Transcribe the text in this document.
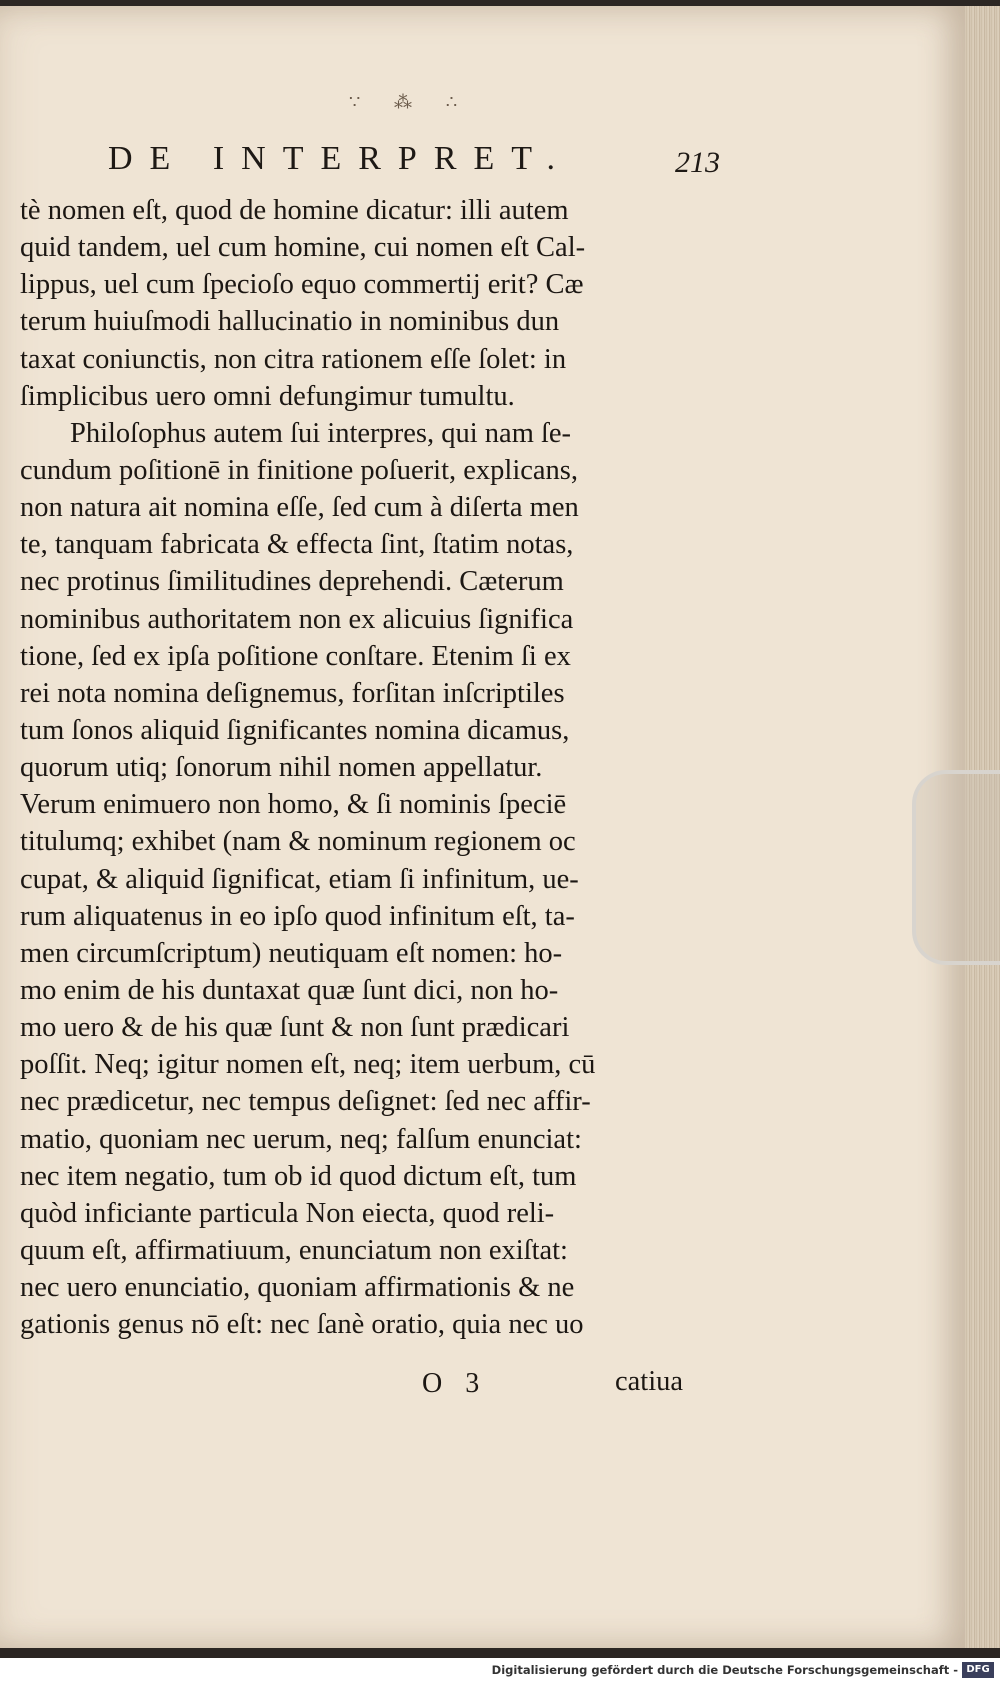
∵ ⁂ ∴
DE INTERPRET.	213
tè nomen eſt, quod de homine dicatur: illi autem
quid tandem, uel cum homine, cui nomen eſt Cal-
lippus, uel cum ſpecioſo equo commertij erit? Cæ
terum huiuſmodi hallucinatio in nominibus dun
taxat coniunctis, non citra rationem eſſe ſolet: in
ſimplicibus uero omni defungimur tumultu.
Philoſophus autem ſui interpres, qui nam ſe-
cundum poſitionē in finitione poſuerit, explicans,
non natura ait nomina eſſe, ſed cum à diſerta men
te, tanquam fabricata & effecta ſint, ſtatim notas,
nec protinus ſimilitudines deprehendi. Cæterum
nominibus authoritatem non ex alicuius ſignifica
tione, ſed ex ipſa poſitione conſtare. Etenim ſi ex
rei nota nomina deſignemus, forſitan inſcriptiles
tum ſonos aliquid ſignificantes nomina dicamus,
quorum utiq; ſonorum nihil nomen appellatur.
Verum enimuero non homo, & ſi nominis ſpeciē
titulumq; exhibet (nam & nominum regionem oc
cupat, & aliquid ſignificat, etiam ſi infinitum, ue-
rum aliquatenus in eo ipſo quod infinitum eſt, ta-
men circumſcriptum) neutiquam eſt nomen: ho-
mo enim de his duntaxat quæ ſunt dici, non ho-
mo uero & de his quæ ſunt & non ſunt prædicari
poſſit. Neq; igitur nomen eſt, neq; item uerbum, cū
nec prædicetur, nec tempus deſignet: ſed nec affir-
matio, quoniam nec uerum, neq; falſum enunciat:
nec item negatio, tum ob id quod dictum eſt, tum
quòd inficiante particula Non eiecta, quod reli-
quum eſt, affirmatiuum, enunciatum non exiſtat:
nec uero enunciatio, quoniam affirmationis & ne
gationis genus nō eſt: nec ſanè oratio, quia nec uo
O 3	catiua
Digitalisierung gefördert durch die Deutsche Forschungsgemeinschaft - DFG
